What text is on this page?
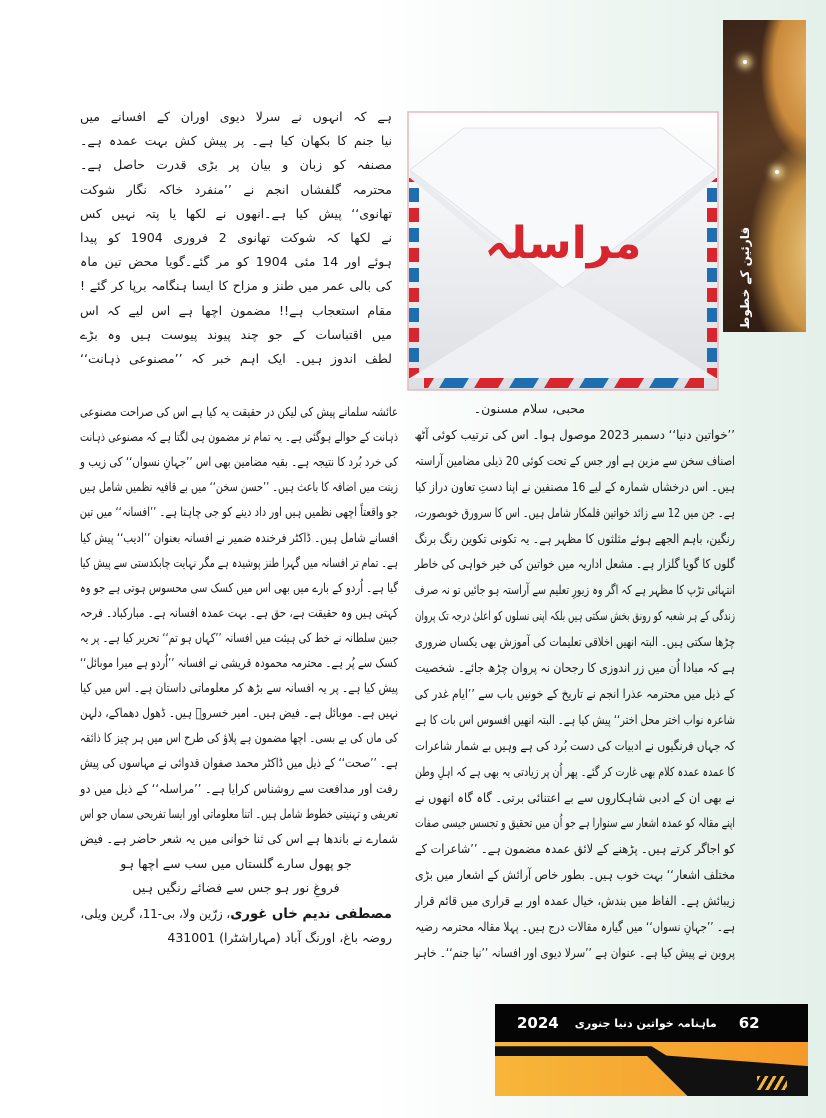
قارئین کے خطوط
مراسلہ
ہے کہ انہوں نے سرلا دیوی اوران کے افسانے میں
نیا جنم کا بکھان کیا ہے۔ پر پیش کش بہت عمدہ ہے۔
مصنفہ کو زبان و بیان پر بڑی قدرت حاصل ہے۔
محترمہ گلفشاں انجم نے ’’منفرد خاکہ نگار شوکت
تھانوی‘‘ پیش کیا ہے۔انھوں نے لکھا یا پتہ نہیں کس
نے لکھا کہ شوکت تھانوی 2 فروری 1904 کو پیدا
ہوئے اور 14 مئی 1904 کو مر گئے۔گویا محض تین ماہ
کی بالی عمر میں طنز و مزاح کا ایسا ہنگامہ برپا کر گئے !
مقام استعجاب ہے!! مضمون اچھا ہے اس لیے کہ اس
میں اقتباسات کے جو چند پیوند پیوست ہیں وہ بڑے
لطف اندوز ہیں۔ ایک اہم خبر کہ ’’مصنوعی ذہانت‘‘
عائشہ سلمانے پیش کی لیکن در حقیقت یہ کیا ہے اس کی صراحت مصنوعی
ذہانت کے حوالے ہوگئی ہے۔ یہ تمام تر مضمون ہی لگتا ہے کہ مصنوعی ذہانت
کی خرد بُرد کا نتیجہ ہے۔ بقیہ مضامین بھی اس ’’جہانِ نسواں‘‘ کی زیب و
زینت میں اضافہ کا باعث ہیں۔ ’’حسن سخن‘‘ میں بے قافیہ نظمیں شامل ہیں
جو واقعتاً اچھی نظمیں ہیں اور داد دینے کو جی چاہتا ہے۔ ’’افسانہ‘‘ میں تین
افسانے شامل ہیں۔ ڈاکٹر فرخندہ ضمیر نے افسانہ بعنوان ’’ادیب‘‘ پیش کیا
ہے۔ تمام تر افسانہ میں گہرا طنز پوشیدہ ہے مگر نہایت چابکدستی سے پیش کیا
گیا ہے۔ اُردو کے بارے میں بھی اس میں کسک سی محسوس ہوتی ہے جو وہ
کہتی ہیں وہ حقیقت ہے، حق ہے۔ بہت عمدہ افسانہ ہے۔ مبارکباد۔ فرحہ
جبین سلطانہ نے خط کی ہیئت میں افسانہ ’’کہاں ہو تم‘‘ تحریر کیا ہے۔ پر یہ
کسک سے پُر ہے۔ محترمہ محمودہ قریشی نے افسانہ ’’اُردو ہے میرا موبائل‘‘
پیش کیا ہے۔ پر یہ افسانہ سے بڑھ کر معلوماتی داستان ہے۔ اس میں کیا
نہیں ہے۔ موبائل ہے۔ فیض ہیں۔ امیر خسروؒ ہیں۔ ڈھول دھماکے، دلہن
کی ماں کی بے بسی۔ اچھا مضمون ہے پلاؤ کی طرح اس میں ہر چیز کا ذائقہ
ہے۔ ’’صحت‘‘ کے ذیل میں ڈاکٹر محمد صفوان قدوائی نے مہاسوں کی پیش
رفت اور مدافعت سے روشناس کرایا ہے۔ ’’مراسلہ‘‘ کے ذیل میں دو
تعریفی و تہنیتی خطوط شامل ہیں۔ اتنا معلوماتی اور ایسا تفریحی سماں جو اس
شمارے نے باندھا ہے اس کی ثنا خوانی میں یہ شعر حاضر ہے۔ فیض
جو پھول سارے گلستاں میں سب سے اچھا ہو
فروغِ نور ہو جس سے فضائے رنگیں ہیں
مصطفی ندیم خاں غوری، زرّین ولا، بی-11، گرین ویلی،
روضہ باغ، اورنگ آباد (مہاراشٹرا) 431001
محبی، سلام مسنون۔
’’خواتین دنیا‘‘ دسمبر 2023 موصول ہوا۔ اس کی ترتیب کوئی آٹھ
اصناف سخن سے مزین ہے اور جس کے تحت کوئی 20 ذیلی مضامین آراستہ
ہیں۔ اس درخشاں شمارہ کے لیے 16 مصنفین نے اپنا دستِ تعاون دراز کیا
ہے۔ جن میں 12 سے زائد خواتین قلمکار شامل ہیں۔ اس کا سرورق خوبصورت،
رنگین، باہم الجھے ہوئے مثلثوں کا مظہر ہے۔ یہ تکونی تکوین رنگ برنگ
گلوں کا گویا گلزار ہے۔ مشعل اداریہ میں خواتین کی خیر خواہی کی خاطر
انتہائی تڑپ کا مظہر ہے کہ اگر وہ زیورِ تعلیم سے آراستہ ہو جائیں تو نہ صرف
زندگی کے ہر شعبہ کو رونق بخش سکتی ہیں بلکہ اپنی نسلوں کو اعلیٰ درجہ تک پروان
چڑھا سکتی ہیں۔ البتہ انھیں اخلاقی تعلیمات کی آموزش بھی یکساں ضروری
ہے کہ مبادا اُن میں زر اندوزی کا رجحان نہ پروان چڑھ جائے۔ شخصیت
کے ذیل میں محترمہ عذرا انجم نے تاریخ کے خونیں باب سے ’’ایام غدر کی
شاعرہ نواب اختر محل اختر‘‘ پیش کیا ہے۔ البتہ انھیں افسوس اس بات کا ہے
کہ جہاں فرنگیوں نے ادبیات کی دست بُرد کی ہے وہیں بے شمار شاعرات
کا عمدہ عمدہ کلام بھی غارت کر گئے۔ پھر اُن پر زیادتی یہ بھی ہے کہ اہلِ وطن
نے بھی ان کے ادبی شاہکاروں سے بے اعتنائی برتی۔ گاہ گاہ انھوں نے
اپنے مقالہ کو عمدہ اشعار سے سنوارا ہے جو اُن میں تحقیق و تجسس جیسی صفات
کو اجاگر کرتے ہیں۔ پڑھنے کے لائق عمدہ مضمون ہے۔ ’’شاعرات کے
مختلف اشعار‘‘ بہت خوب ہیں۔ بطور خاص آرائش کے اشعار میں بڑی
زیبائش ہے۔ الفاظ میں بندش، خیال عمدہ اور بے قراری میں قائم قرار
ہے۔ ’’جہانِ نسواں‘‘ میں گیارہ مقالات درج ہیں۔ پہلا مقالہ محترمہ رضیہ
پروین نے پیش کیا ہے۔ عنوان ہے ’’سرلا دیوی اور افسانہ ’’نیا جنم‘‘۔ خاہر
2024 ماہنامہ خواتین دنیا جنوری 62
